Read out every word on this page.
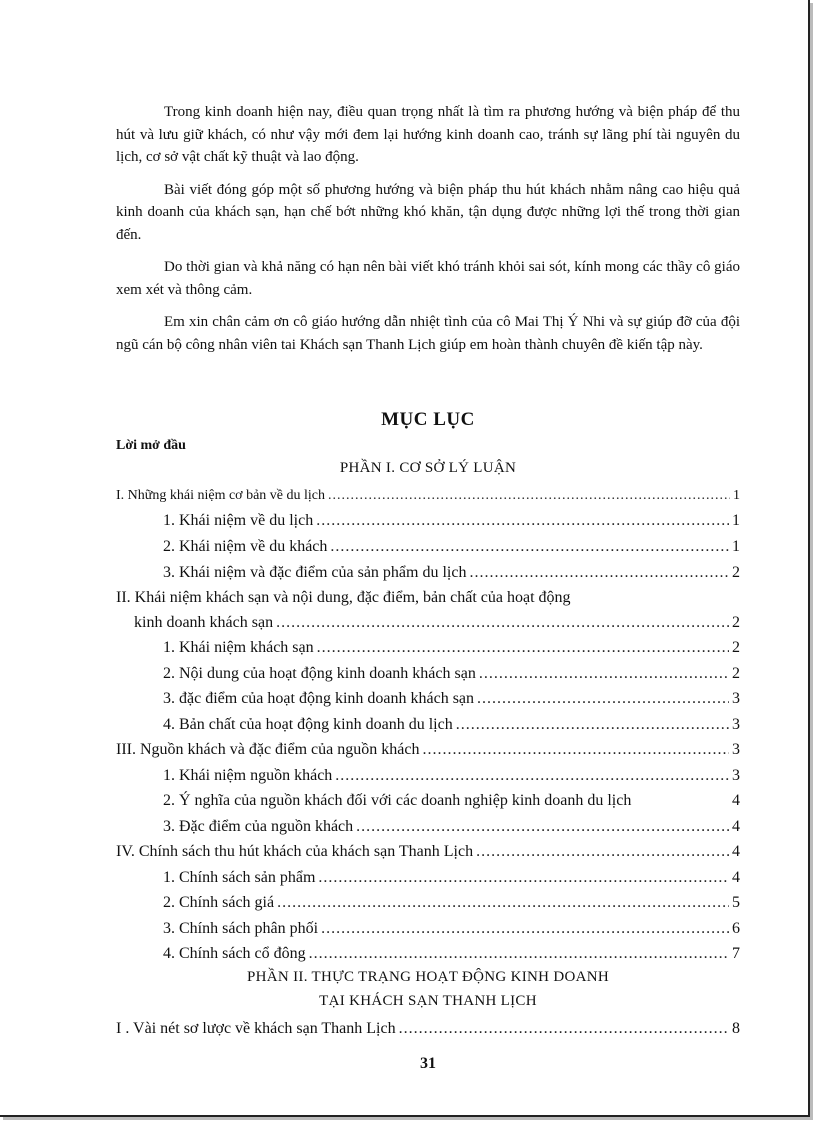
Trong kinh doanh hiện nay, điều quan trọng nhất là tìm ra phương hướng và biện pháp để thu hút và lưu giữ khách, có như vậy mới đem lại hướng kinh doanh cao, tránh sự lãng phí tài nguyên du lịch, cơ sở vật chất kỹ thuật và lao động.

Bài viết đóng góp một số phương hướng và biện pháp thu hút khách nhằm nâng cao hiệu quả kinh doanh của khách sạn, hạn chế bớt những khó khăn, tận dụng được những lợi thế trong thời gian đến.

Do thời gian và khả năng có hạn nên bài viết khó tránh khỏi sai sót, kính mong các thầy cô giáo xem xét và thông cảm.

Em xin chân cảm ơn cô giáo hướng dẫn nhiệt tình của cô Mai Thị Ý Nhi và sự giúp đỡ của đội ngũ cán bộ công nhân viên tai Khách sạn Thanh Lịch giúp em hoàn thành chuyên đề kiến tập này.

MỤC LỤC
Lời mở đầu
PHẦN I. CƠ SỞ LÝ LUẬN
I. Những khái niệm cơ bản về du lịch .....	1
1. Khái niệm về du lịch .....	1
2. Khái niệm về du khách .....	1
3. Khái niệm và đặc điểm của sản phẩm du lịch .....	2
II. Khái niệm khách sạn và nội dung, đặc điểm, bản chất của hoạt động
kinh doanh khách sạn .....	2
1. Khái niệm khách sạn .....	2
2. Nội dung của hoạt động kinh doanh khách sạn .....	2
3. đặc điểm của hoạt động kinh doanh khách sạn .....	3
4. Bản chất của hoạt động kinh doanh du lịch .....	3
III. Nguồn khách và đặc điểm của nguồn khách .....	3
1. Khái niệm nguồn khách .....	3
2. Ý nghĩa của nguồn khách đối với các doanh nghiệp kinh doanh du lịch	4
3. Đặc điểm của nguồn khách .....	4
IV. Chính sách thu hút khách của khách sạn Thanh Lịch .....	4
1. Chính sách sản phẩm .....	4
2. Chính sách giá .....	5
3. Chính sách phân phối .....	6
4. Chính sách cổ đông .....	7
PHẦN II. THỰC TRẠNG HOẠT ĐỘNG KINH DOANH
TẠI KHÁCH SẠN THANH LỊCH
I . Vài nét sơ lược về khách sạn Thanh Lịch .....	8
31
